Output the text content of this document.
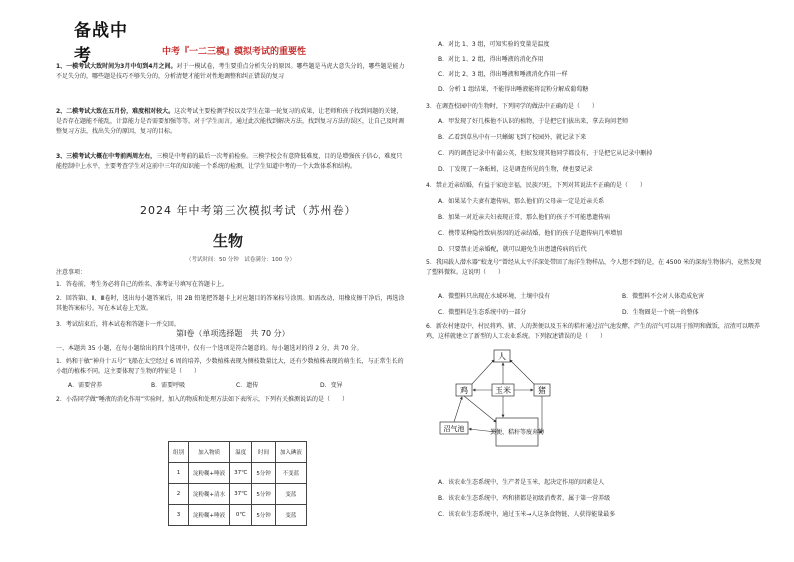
备战中考	中考『一二三模』模拟考试的重要性
1、一模考试大致时间为3月中旬到4月之间。对于一模试卷，考生要重点分析失分的原因。哪些题是马虎大意失分的，哪些题是能力不足失分的，哪些题是技巧不够失分的，分析清楚才能针对性地调整和纠正错误的复习
2、二模考试大致在五月份，难度相对较大。这次考试主要检测学校以及学生在第一轮复习的成果，让老师和孩子找到问题的关键，是否存在题能不能乱，计算能力是否需要加强等等。对于学生而言，通过此次能找到解决方法，找到复习方法的误区，让自己及时调整复习方法，找出失分的原因，复习的目标。
3、三模考试大概在中考前两周左右，三模是中考前的最后一次考前检验。三模学校会有意降低难度，目的是增强孩子信心，难度只能控制中上水平，主要考查学生对这前中三年的知识能一个系统的检测，让学生知道中考的一个大致体系和结构。
2024 年中考第三次模拟考试（苏州卷）
生物
（考试时间：50 分钟　试卷满分：100 分）
注意事项：
1．答卷前，考生务必将自己的姓名、准考证号填写在答题卡上。
2．回答第Ⅰ、Ⅱ、Ⅲ卷时，选出每小题答案后，用 2B 铅笔把答题卡上对应题目的答案标号涂黑。如需改动，用橡皮擦干净后，再选涂其他答案标号。写在本试卷上无效。
3．考试结束后，将本试卷和答题卡一并交回。
第Ⅰ卷（单项选择题　共 70 分）
一、本题共 35 小题，在每小题给出的四个选项中，仅有一个选项是符合题意的。每小题选对的得 2 分，共 70 分。
1．妈和于敏“神舟十五号”飞船在太空经过 6 周的培养，少数植株表现为侧枝数量比大，还有少数植株表现的萌生长，与正常生长的小组的植株不同。这主要体现了生物的特征是（　　）
A．需要营养	B．需要呼吸	C．遗传	D．变异
2．小浩同学做“唾液的消化作用”实验时，加入的物质和处理方法如下表所示，下列有关推测说话的是（　　）
组别	加入物质	温度	时间	加入碘液
1	淀粉糊+唾液	37℃	5分钟	不变蓝
2	淀粉糊+清水	37℃	5分钟	变蓝
3	淀粉糊+唾液	0℃	5分钟	变蓝
A．对比 1、3 组，可知实验的变量是温度
B．对比 1、2 组，得出唾液的消化作用
C．对比 2、3 组，得出唾液和唾液消化作用一样
D．分析 1 组结果，不能得出唾液能将淀粉分解成葡萄糖
3．在调查校园中的生物时，下列同学的做法中正确的是（　　）
A．甲发现了好几株他不认识的植物，于是把它们拔出来，拿去询问老师
B．乙看到草丛中有一只蜥蜴飞到了校园外，就记录下来
C．丙的调查记录中有蒲公英，但蚁发现其他同学都没有，于是把它从记录中删掉
D．丁发现了一条蚯蚓，这是调查所见的生物，便也要记录
4．禁止近亲结婚，有益于家庭幸福，民族兴旺，下列对其说法不正确的是（　　）
A．如果某个夫妻有遗传病，那么他们的父母亲一定是近亲关系
B．加果一对近亲夫妇表现正常，那么他们的孩子不可能患遗传病
C．携带某种隐性致病基因的近亲结婚，他们的孩子是遗传病几率增加
D．只要禁止近亲婚配，就可以避免生出患遗传病的后代
5．我国载人潜水器“蛟龙号”曾经从太平洋深处带回了海洋生物样品，令人想不到的是，在 4500 米的深海生物体内，竟然发现了塑料微粒。这说明（　　）
A．微塑料只出现在水域环境，土壤中没有	B．微塑料不会对人体造成危害
C．微塑料是生态系统中的一部分	D．生物圈是一个统一的整体
6．新农村建设中，村民将鸡、猪、人的粪便以及玉米的秸秆通过沼气池发酵，产生的沼气可以用于照明和做饭，沼渣可以喂养鸡，这样就建立了新型的人工农业系统。下列叙述错误的是（　　）
A．该农业生态系统中，生产者是玉米，起决定作用的因素是人
B．该农业生态系统中，鸡和猪都是初级消费者，属于第一营养级
C．该农业生态系统中，通过玉米→人这条食物链，人获得能量最多
人
鸡	玉米	猪
粪便、秸秆等废弃物
沼气池
